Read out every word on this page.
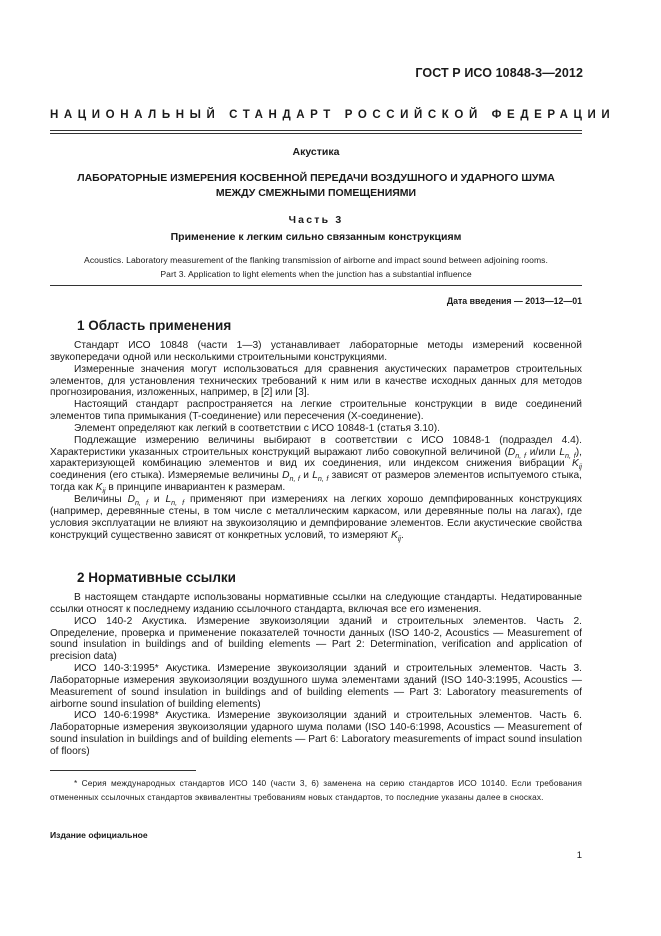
ГОСТ Р ИСО 10848-3—2012
НАЦИОНАЛЬНЫЙ СТАНДАРТ РОССИЙСКОЙ ФЕДЕРАЦИИ
Акустика
ЛАБОРАТОРНЫЕ ИЗМЕРЕНИЯ КОСВЕННОЙ ПЕРЕДАЧИ ВОЗДУШНОГО И УДАРНОГО ШУМА
МЕЖДУ СМЕЖНЫМИ ПОМЕЩЕНИЯМИ
Часть 3
Применение к легким сильно связанным конструкциям
Acoustics. Laboratory measurement of the flanking transmission of airborne and impact sound between adjoining rooms.
Part 3. Application to light elements when the junction has a substantial influence
Дата введения — 2013—12—01
1 Область применения

Стандарт ИСО 10848 (части 1—3) устанавливает лабораторные методы измерений косвенной звукопередачи одной или несколькими строительными конструкциями.

Измеренные значения могут использоваться для сравнения акустических параметров строительных элементов, для установления технических требований к ним или в качестве исходных данных для методов прогнозирования, изложенных, например, в [2] или [3].

Настоящий стандарт распространяется на легкие строительные конструкции в виде соединений элементов типа примыкания (T-соединение) или пересечения (X-соединение).

Элемент определяют как легкий в соответствии с ИСО 10848-1 (статья 3.10).

Подлежащие измерению величины выбирают в соответствии с ИСО 10848-1 (подраздел 4.4). Характеристики указанных строительных конструкций выражают либо совокупной величиной ($D_{n, f}$ и/или $L_{n, f}$), характеризующей комбинацию элементов и вид их соединения, или индексом снижения вибрации $K_{ij}$ соединения (его стыка). Измеряемые величины $D_{n, f}$ и $L_{n, f}$ зависят от размеров элементов испытуемого стыка, тогда как $K_{ij}$ в принципе инвариантен к размерам.

Величины $D_{n, f}$ и $L_{n, f}$ применяют при измерениях на легких хорошо демпфированных конструкциях (например, деревянные стены, в том числе с металлическим каркасом, или деревянные полы на лагах), где условия эксплуатации не влияют на звукоизоляцию и демпфирование элементов. Если акустические свойства конструкций существенно зависят от конкретных условий, то измеряют $K_{ij}$.

2 Нормативные ссылки

В настоящем стандарте использованы нормативные ссылки на следующие стандарты. Недатированные ссылки относят к последнему изданию ссылочного стандарта, включая все его изменения.

ИСО 140-2 Акустика. Измерение звукоизоляции зданий и строительных элементов. Часть 2. Определение, проверка и применение показателей точности данных (ISO 140-2, Acoustics — Measurement of sound insulation in buildings and of building elements — Part 2: Determination, verification and application of precision data)

ИСО 140-3:1995* Акустика. Измерение звукоизоляции зданий и строительных элементов. Часть 3. Лабораторные измерения звукоизоляции воздушного шума элементами зданий (ISO 140-3:1995, Acoustics — Measurement of sound insulation in buildings and of building elements — Part 3: Laboratory measurements of airborne sound insulation of building elements)

ИСО 140-6:1998* Акустика. Измерение звукоизоляции зданий и строительных элементов. Часть 6. Лабораторные измерения звукоизоляции ударного шума полами (ISO 140-6:1998, Acoustics — Measurement of sound insulation in buildings and of building elements — Part 6: Laboratory measurements of impact sound insulation of floors)

* Серия международных стандартов ИСО 140 (части 3, 6) заменена на серию стандартов ИСО 10140. Если требования отмененных ссылочных стандартов эквивалентны требованиям новых стандартов, то последние указаны далее в сносках.

Издание официальное
1
